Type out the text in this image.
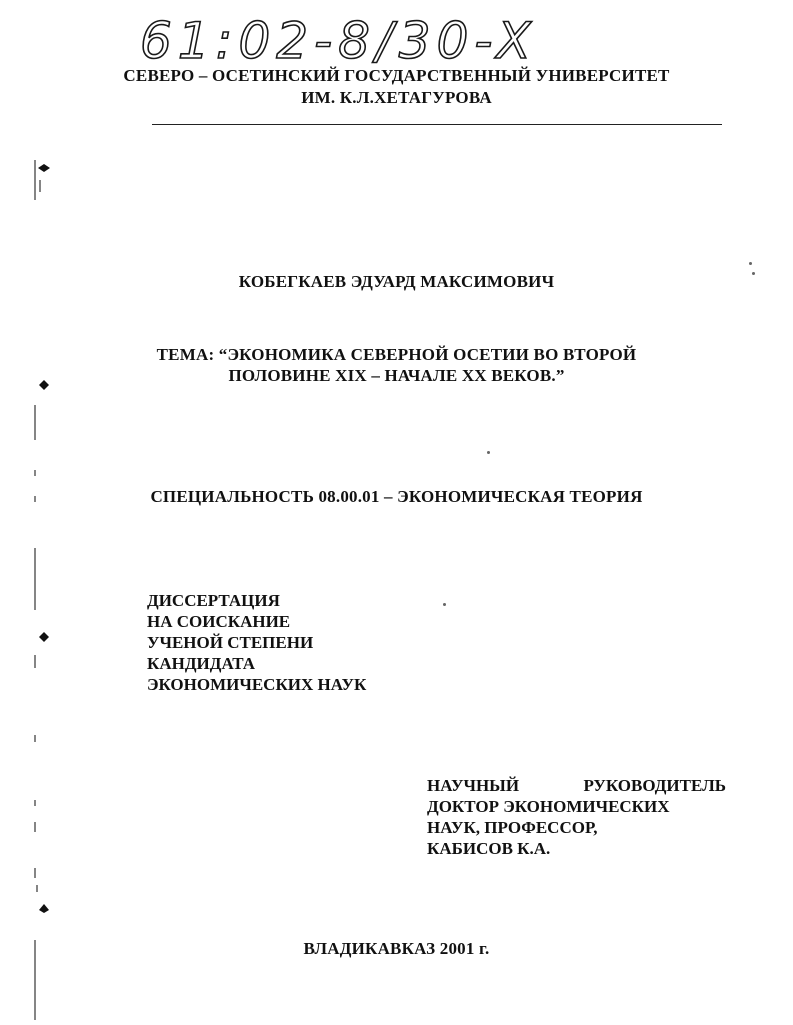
61:02-8/30-X
СЕВЕРО – ОСЕТИНСКИЙ ГОСУДАРСТВЕННЫЙ УНИВЕРСИТЕТ
ИМ. К.Л.ХЕТАГУРОВА
КОБЕГКАЕВ ЭДУАРД МАКСИМОВИЧ
ТЕМА: “ЭКОНОМИКА СЕВЕРНОЙ ОСЕТИИ ВО ВТОРОЙ
ПОЛОВИНЕ XIX – НАЧАЛЕ XX ВЕКОВ.”
СПЕЦИАЛЬНОСТЬ 08.00.01 – ЭКОНОМИЧЕСКАЯ ТЕОРИЯ
ДИССЕРТАЦИЯ
НА СОИСКАНИЕ
УЧЕНОЙ СТЕПЕНИ
КАНДИДАТА
ЭКОНОМИЧЕСКИХ НАУК
НАУЧНЫЙ	РУКОВОДИТЕЛЬ
ДОКТОР ЭКОНОМИЧЕСКИХ
НАУК, ПРОФЕССОР,
КАБИСОВ К.А.
ВЛАДИКАВКАЗ 2001 г.
